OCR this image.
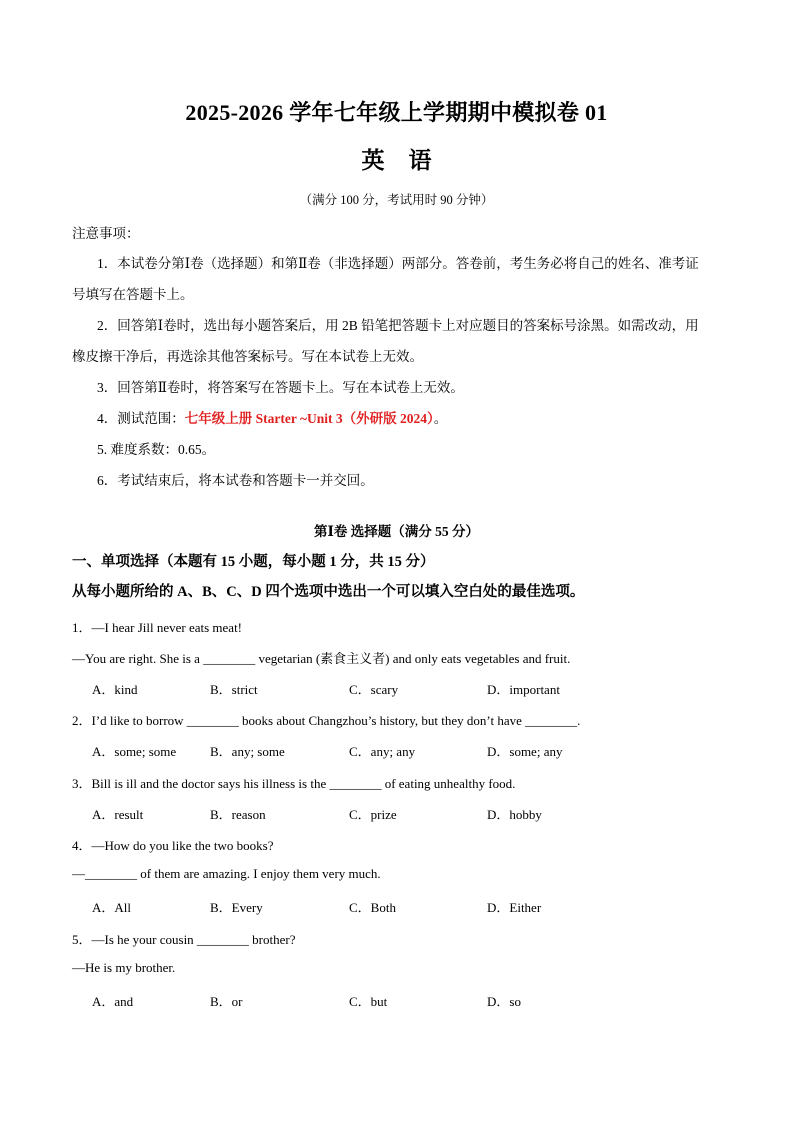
2025-2026 学年七年级上学期期中模拟卷 01
英语
（满分 100 分，考试用时 90 分钟）
注意事项：
1．本试卷分第Ⅰ卷（选择题）和第Ⅱ卷（非选择题）两部分。答卷前，考生务必将自己的姓名、准考证
号填写在答题卡上。
2．回答第Ⅰ卷时，选出每小题答案后，用 2B 铅笔把答题卡上对应题目的答案标号涂黑。如需改动，用
橡皮擦干净后，再选涂其他答案标号。写在本试卷上无效。
3．回答第Ⅱ卷时，将答案写在答题卡上。写在本试卷上无效。
4．测试范围：七年级上册 Starter ~Unit 3（外研版 2024）。
5. 难度系数：0.65。
6．考试结束后，将本试卷和答题卡一并交回。
第Ⅰ卷 选择题（满分 55 分）
一、单项选择（本题有 15 小题，每小题 1 分，共 15 分）
从每小题所给的 A、B、C、D 四个选项中选出一个可以填入空白处的最佳选项。
1．—I hear Jill never eats meat!
—You are right. She is a ________ vegetarian (素食主义者) and only eats vegetables and fruit.
A．kind	B．strict	C．scary	D．important
2．I’d like to borrow ________ books about Changzhou’s history, but they don’t have ________.
A．some; some	B．any; some	C．any; any	D．some; any
3．Bill is ill and the doctor says his illness is the ________ of eating unhealthy food.
A．result	B．reason	C．prize	D．hobby
4．—How do you like the two books?
—________ of them are amazing. I enjoy them very much.
A．All	B．Every	C．Both	D．Either
5．—Is he your cousin ________ brother?
—He is my brother.
A．and	B．or	C．but	D．so
